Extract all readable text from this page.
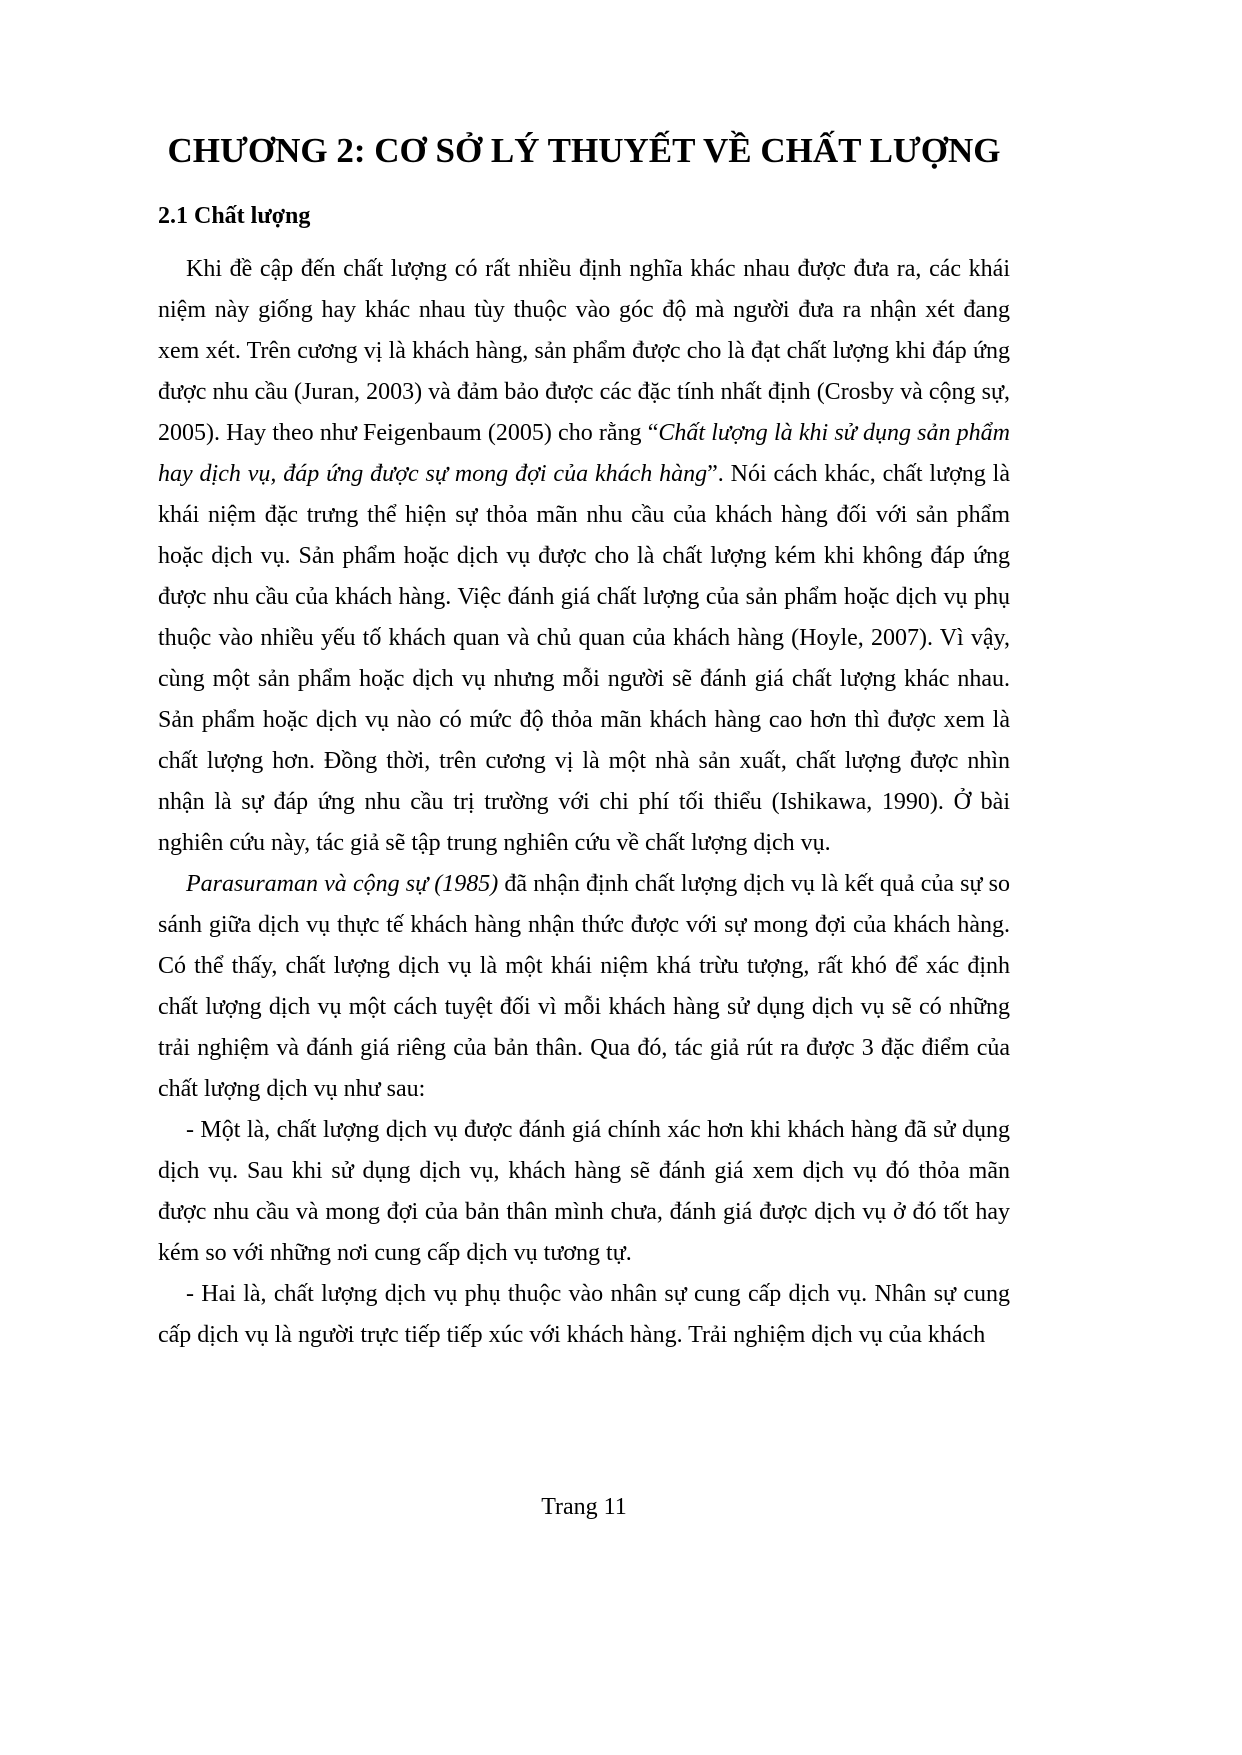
CHƯƠNG 2: CƠ SỞ LÝ THUYẾT VỀ CHẤT LƯỢNG
2.1 Chất lượng

Khi đề cập đến chất lượng có rất nhiều định nghĩa khác nhau được đưa ra, các khái niệm này giống hay khác nhau tùy thuộc vào góc độ mà người đưa ra nhận xét đang xem xét. Trên cương vị là khách hàng, sản phẩm được cho là đạt chất lượng khi đáp ứng được nhu cầu (Juran, 2003) và đảm bảo được các đặc tính nhất định (Crosby và cộng sự, 2005). Hay theo như Feigenbaum (2005) cho rằng “Chất lượng là khi sử dụng sản phẩm hay dịch vụ, đáp ứng được sự mong đợi của khách hàng”. Nói cách khác, chất lượng là khái niệm đặc trưng thể hiện sự thỏa mãn nhu cầu của khách hàng đối với sản phẩm hoặc dịch vụ. Sản phẩm hoặc dịch vụ được cho là chất lượng kém khi không đáp ứng được nhu cầu của khách hàng. Việc đánh giá chất lượng của sản phẩm hoặc dịch vụ phụ thuộc vào nhiều yếu tố khách quan và chủ quan của khách hàng (Hoyle, 2007). Vì vậy, cùng một sản phẩm hoặc dịch vụ nhưng mỗi người sẽ đánh giá chất lượng khác nhau. Sản phẩm hoặc dịch vụ nào có mức độ thỏa mãn khách hàng cao hơn thì được xem là chất lượng hơn. Đồng thời, trên cương vị là một nhà sản xuất, chất lượng được nhìn nhận là sự đáp ứng nhu cầu trị trường với chi phí tối thiểu (Ishikawa, 1990). Ở bài nghiên cứu này, tác giả sẽ tập trung nghiên cứu về chất lượng dịch vụ.

Parasuraman và cộng sự (1985) đã nhận định chất lượng dịch vụ là kết quả của sự so sánh giữa dịch vụ thực tế khách hàng nhận thức được với sự mong đợi của khách hàng. Có thể thấy, chất lượng dịch vụ là một khái niệm khá trừu tượng, rất khó để xác định chất lượng dịch vụ một cách tuyệt đối vì mỗi khách hàng sử dụng dịch vụ sẽ có những trải nghiệm và đánh giá riêng của bản thân. Qua đó, tác giả rút ra được 3 đặc điểm của chất lượng dịch vụ như sau:

- Một là, chất lượng dịch vụ được đánh giá chính xác hơn khi khách hàng đã sử dụng dịch vụ. Sau khi sử dụng dịch vụ, khách hàng sẽ đánh giá xem dịch vụ đó thỏa mãn được nhu cầu và mong đợi của bản thân mình chưa, đánh giá được dịch vụ ở đó tốt hay kém so với những nơi cung cấp dịch vụ tương tự.

- Hai là, chất lượng dịch vụ phụ thuộc vào nhân sự cung cấp dịch vụ. Nhân sự cung cấp dịch vụ là người trực tiếp tiếp xúc với khách hàng. Trải nghiệm dịch vụ của khách

Trang 11
